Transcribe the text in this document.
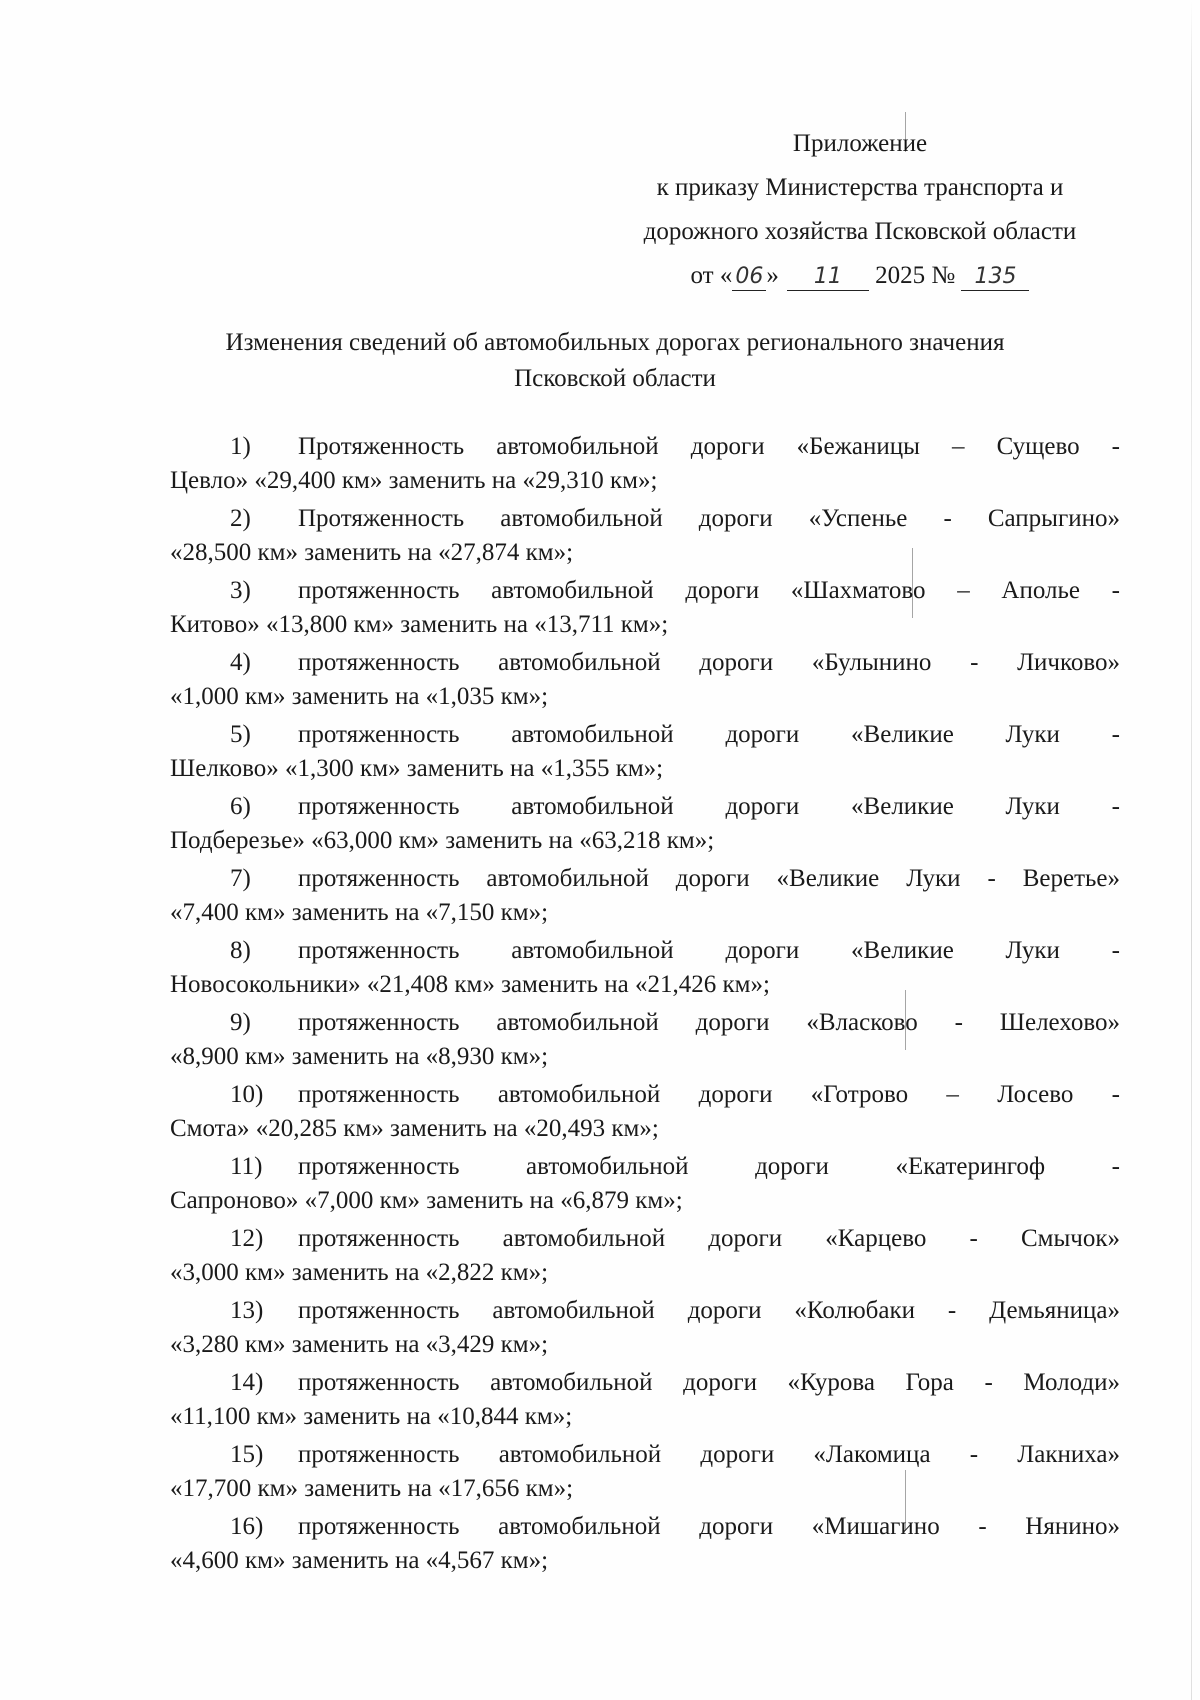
Приложение
к приказу Министерства транспорта и
дорожного хозяйства Псковской области
от « 06 » 11 2025 № 135
Изменения сведений об автомобильных дорогах регионального значения
Псковской области
1) Протяженность автомобильной дороги «Бежаницы – Сущево -
Цевло» «29,400 км» заменить на «29,310 км»;
2) Протяженность автомобильной дороги «Успенье - Сапрыгино»
«28,500 км» заменить на «27,874 км»;
3) протяженность автомобильной дороги «Шахматово – Аполье -
Китово» «13,800 км» заменить на «13,711 км»;
4) протяженность автомобильной дороги «Булынино - Личково»
«1,000 км» заменить на «1,035 км»;
5) протяженность автомобильной дороги «Великие Луки -
Шелково» «1,300 км» заменить на «1,355 км»;
6) протяженность автомобильной дороги «Великие Луки -
Подберезье» «63,000 км» заменить на «63,218 км»;
7) протяженность автомобильной дороги «Великие Луки - Веретье»
«7,400 км» заменить на «7,150 км»;
8) протяженность автомобильной дороги «Великие Луки -
Новосокольники» «21,408 км» заменить на «21,426 км»;
9) протяженность автомобильной дороги «Власково - Шелехово»
«8,900 км» заменить на «8,930 км»;
10) протяженность автомобильной дороги «Готрово – Лосево -
Смота» «20,285 км» заменить на «20,493 км»;
11) протяженность автомобильной дороги «Екатерингоф -
Сапроново» «7,000 км» заменить на «6,879 км»;
12) протяженность автомобильной дороги «Карцево - Смычок»
«3,000 км» заменить на «2,822 км»;
13) протяженность автомобильной дороги «Колюбаки - Демьяница»
«3,280 км» заменить на «3,429 км»;
14) протяженность автомобильной дороги «Курова Гора - Молоди»
«11,100 км» заменить на «10,844 км»;
15) протяженность автомобильной дороги «Лакомица - Лакниха»
«17,700 км» заменить на «17,656 км»;
16) протяженность автомобильной дороги «Мишагино - Нянино»
«4,600 км» заменить на «4,567 км»;
